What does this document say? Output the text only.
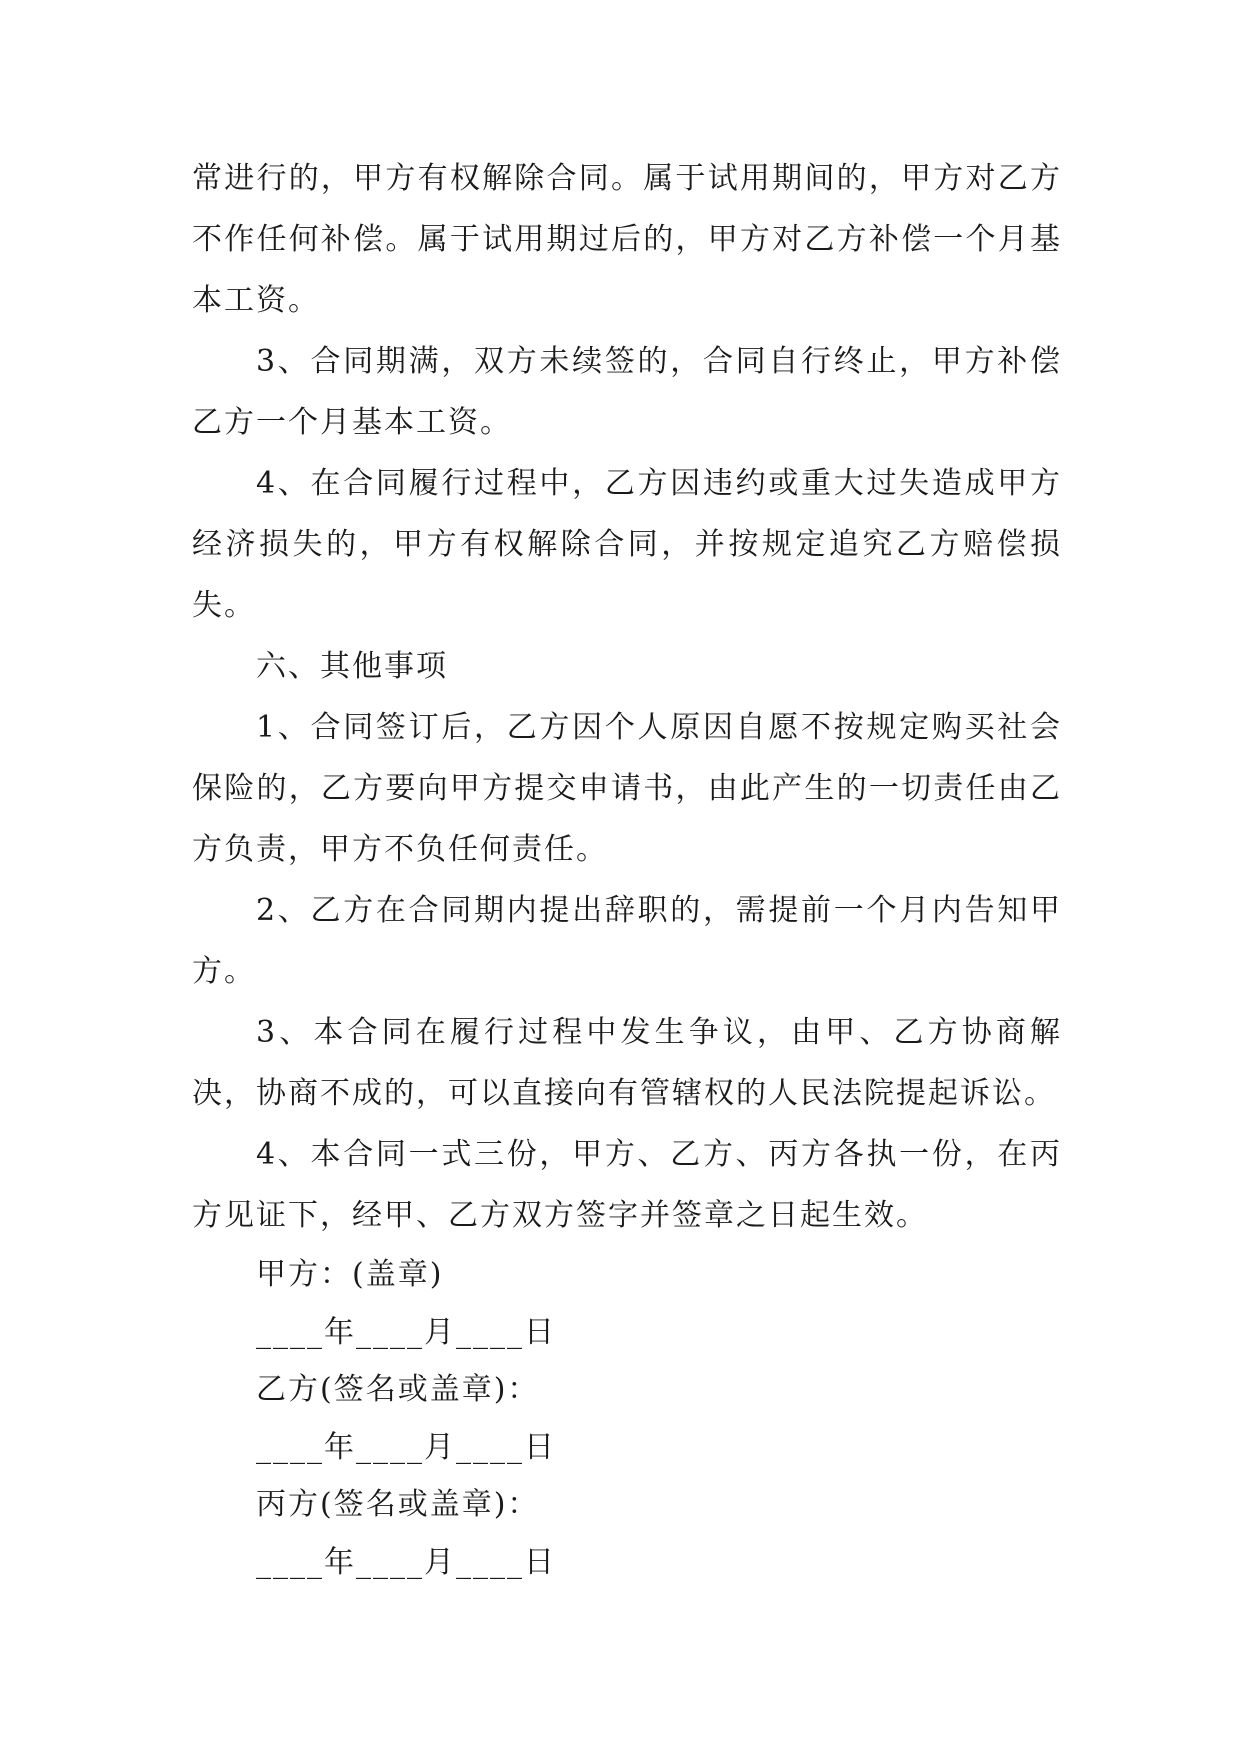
常进行的，甲方有权解除合同。属于试用期间的，甲方对乙方不作任何补偿。属于试用期过后的，甲方对乙方补偿一个月基本工资。

3、合同期满，双方未续签的，合同自行终止，甲方补偿乙方一个月基本工资。

4、在合同履行过程中，乙方因违约或重大过失造成甲方经济损失的，甲方有权解除合同，并按规定追究乙方赔偿损失。

六、其他事项

1、合同签订后，乙方因个人原因自愿不按规定购买社会保险的，乙方要向甲方提交申请书，由此产生的一切责任由乙方负责，甲方不负任何责任。

2、乙方在合同期内提出辞职的，需提前一个月内告知甲方。

3、本合同在履行过程中发生争议，由甲、乙方协商解决，协商不成的，可以直接向有管辖权的人民法院提起诉讼。

4、本合同一式三份，甲方、乙方、丙方各执一份，在丙方见证下，经甲、乙方双方签字并签章之日起生效。

甲方：(盖章)

____年____月____日

乙方(签名或盖章)：

____年____月____日

丙方(签名或盖章)：

____年____月____日
